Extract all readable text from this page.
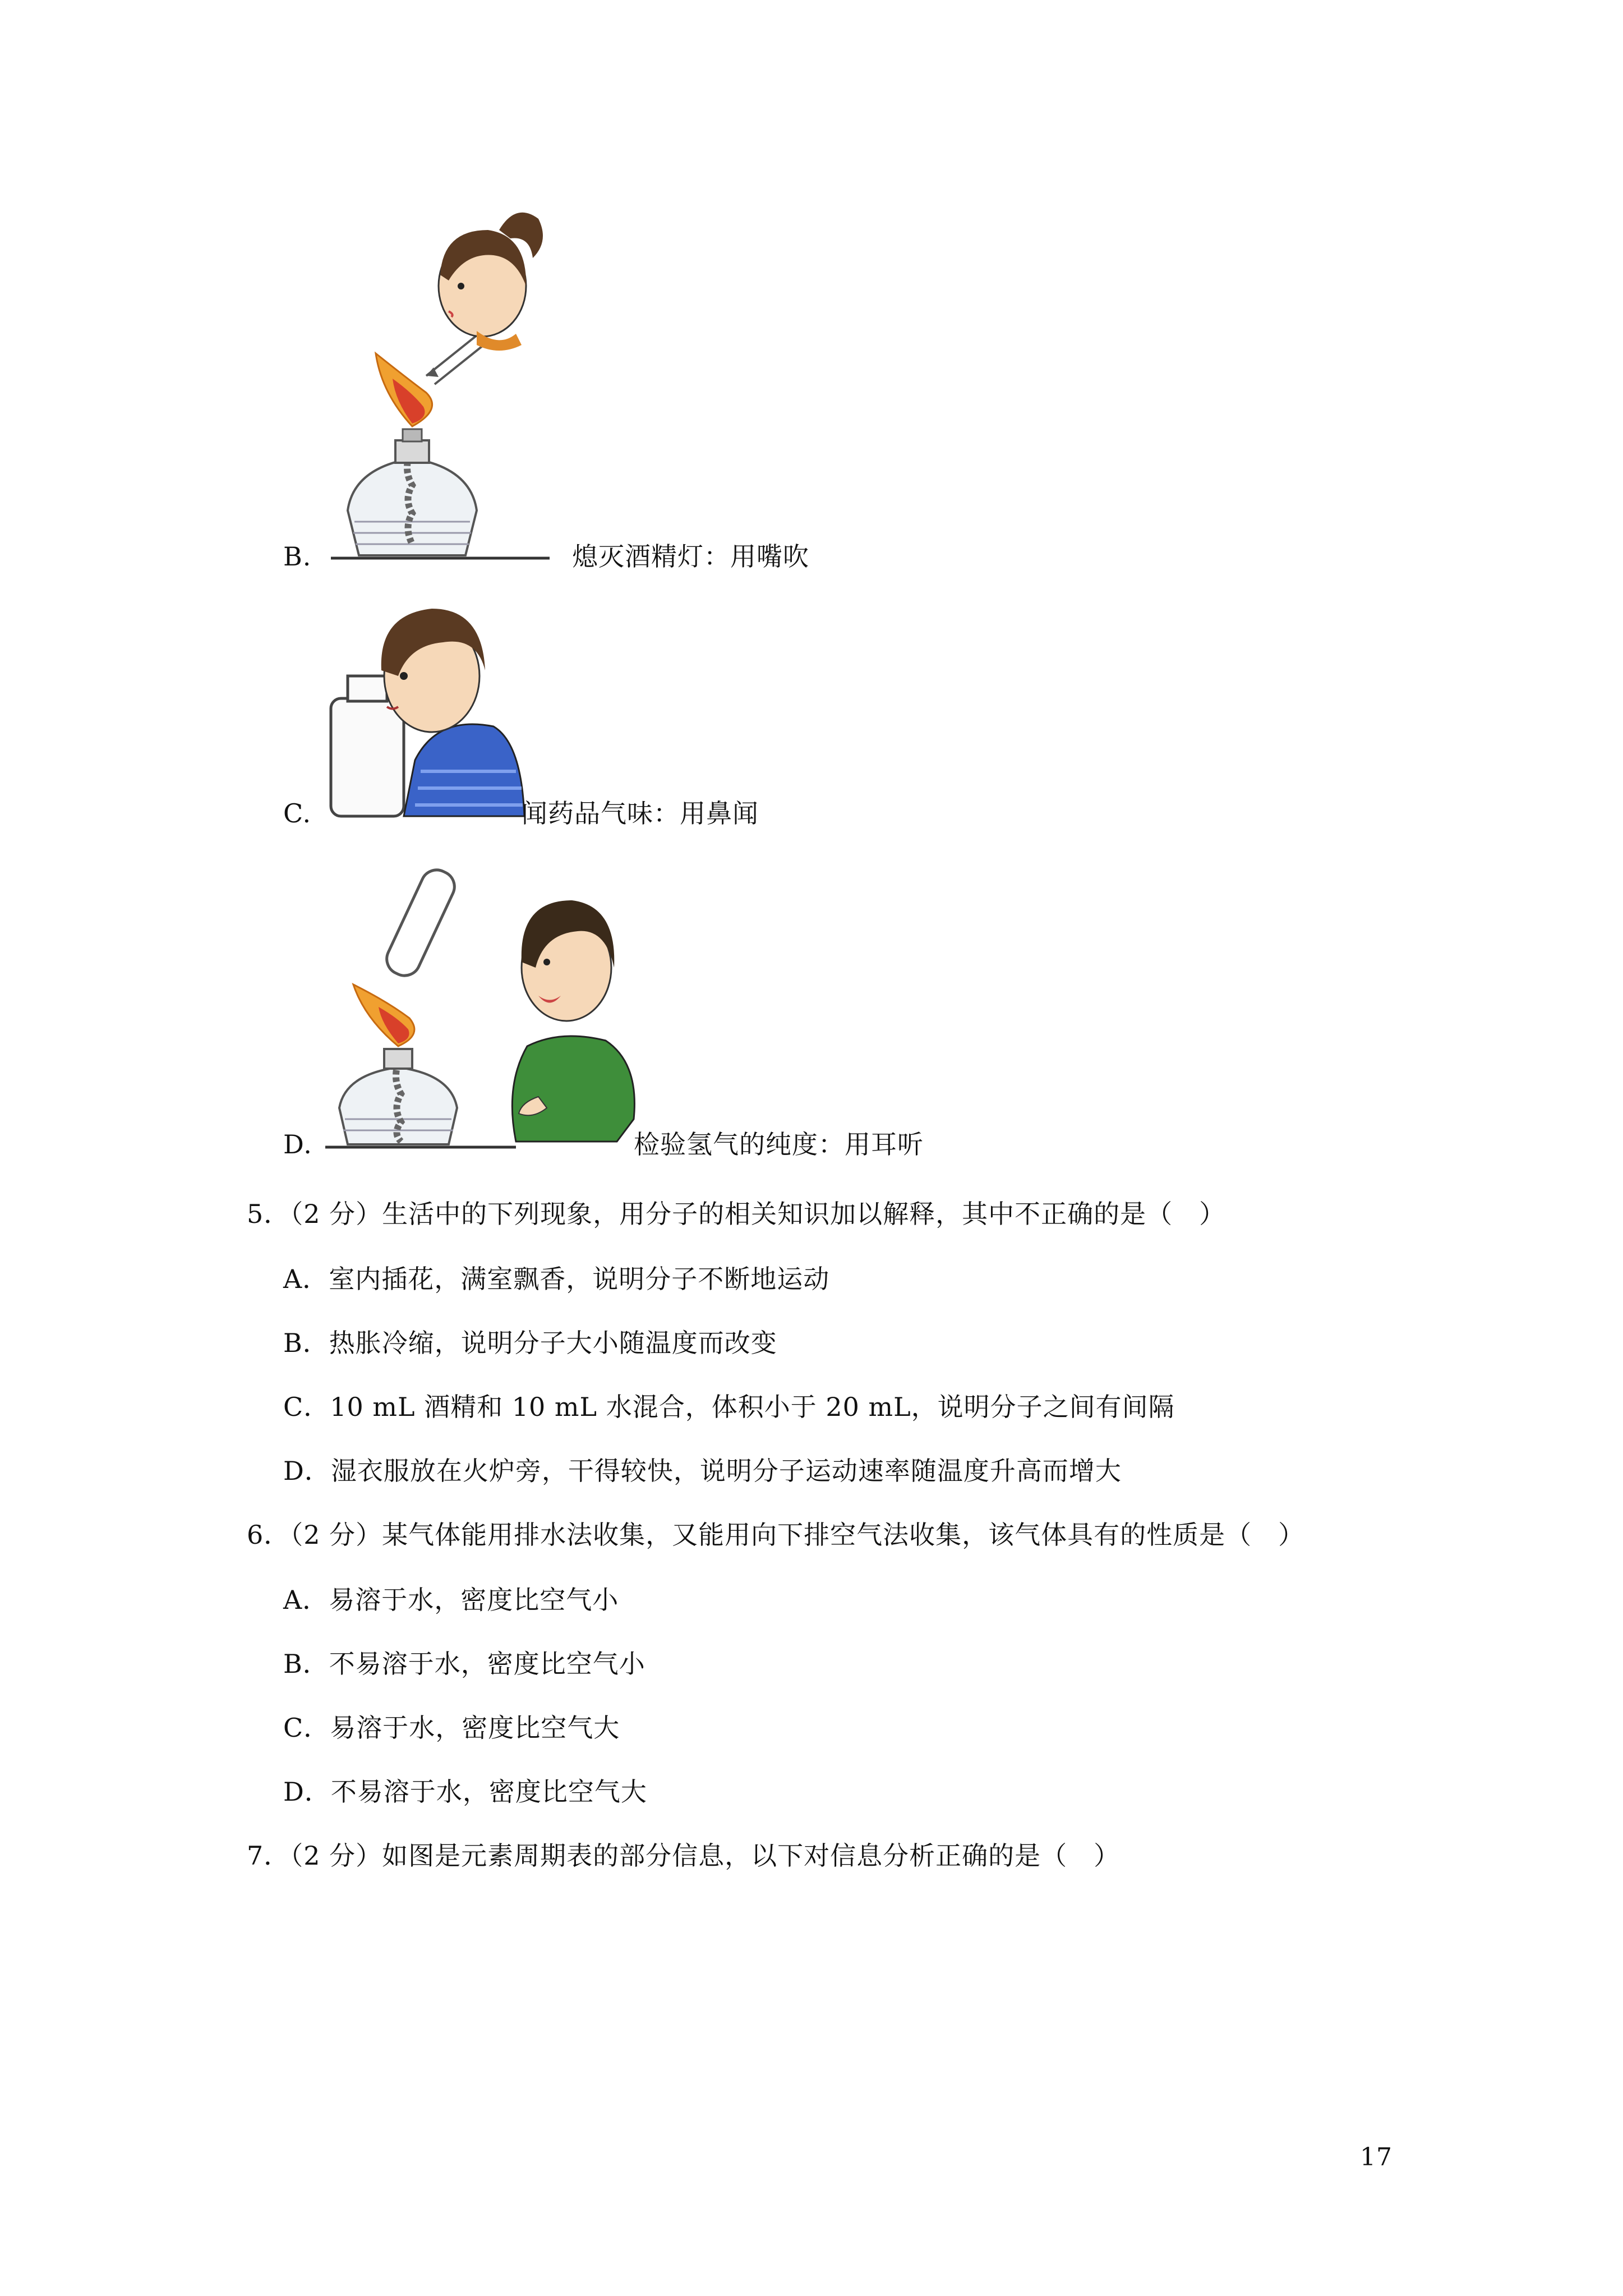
B.	熄灭酒精灯：用嘴吹
C.	闻药品气味：用鼻闻
D.	检验氢气的纯度：用耳听
5．（2 分）生活中的下列现象，用分子的相关知识加以解释，其中不正确的是（　）
A．室内插花，满室飘香，说明分子不断地运动
B．热胀冷缩，说明分子大小随温度而改变
C．10 mL 酒精和 10 mL 水混合，体积小于 20 mL，说明分子之间有间隔
D．湿衣服放在火炉旁，干得较快，说明分子运动速率随温度升高而增大
6．（2 分）某气体能用排水法收集，又能用向下排空气法收集，该气体具有的性质是（　）
A．易溶于水，密度比空气小
B．不易溶于水，密度比空气小
C．易溶于水，密度比空气大
D．不易溶于水，密度比空气大
7．（2 分）如图是元素周期表的部分信息，以下对信息分析正确的是（　）
17
